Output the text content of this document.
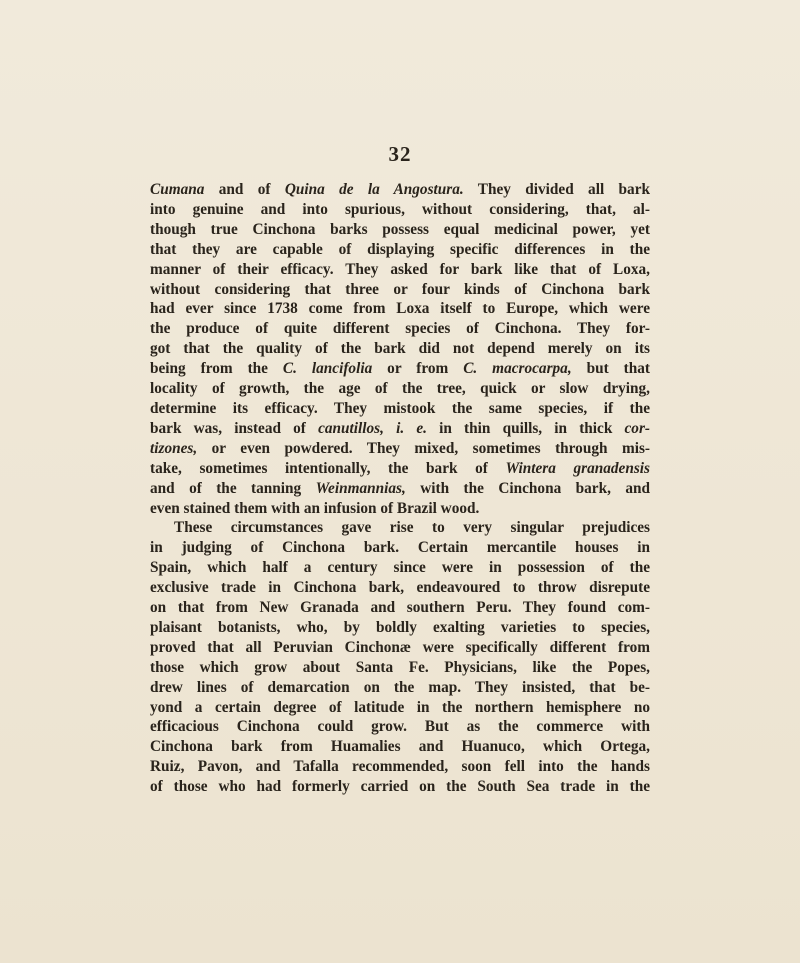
32
Cumana and of Quina de la Angostura. They divided all bark
into genuine and into spurious, without considering, that, al-
though true Cinchona barks possess equal medicinal power, yet
that they are capable of displaying specific differences in the
manner of their efficacy. They asked for bark like that of Loxa,
without considering that three or four kinds of Cinchona bark
had ever since 1738 come from Loxa itself to Europe, which were
the produce of quite different species of Cinchona. They for-
got that the quality of the bark did not depend merely on its
being from the C. lancifolia or from C. macrocarpa, but that
locality of growth, the age of the tree, quick or slow drying,
determine its efficacy. They mistook the same species, if the
bark was, instead of canutillos, i. e. in thin quills, in thick cor-
tizones, or even powdered. They mixed, sometimes through mis-
take, sometimes intentionally, the bark of Wintera granadensis
and of the tanning Weinmannias, with the Cinchona bark, and
even stained them with an infusion of Brazil wood.
These circumstances gave rise to very singular prejudices
in judging of Cinchona bark. Certain mercantile houses in
Spain, which half a century since were in possession of the
exclusive trade in Cinchona bark, endeavoured to throw disrepute
on that from New Granada and southern Peru. They found com-
plaisant botanists, who, by boldly exalting varieties to species,
proved that all Peruvian Cinchonæ were specifically different from
those which grow about Santa Fe. Physicians, like the Popes,
drew lines of demarcation on the map. They insisted, that be-
yond a certain degree of latitude in the northern hemisphere no
efficacious Cinchona could grow. But as the commerce with
Cinchona bark from Huamalies and Huanuco, which Ortega,
Ruiz, Pavon, and Tafalla recommended, soon fell into the hands
of those who had formerly carried on the South Sea trade in the
